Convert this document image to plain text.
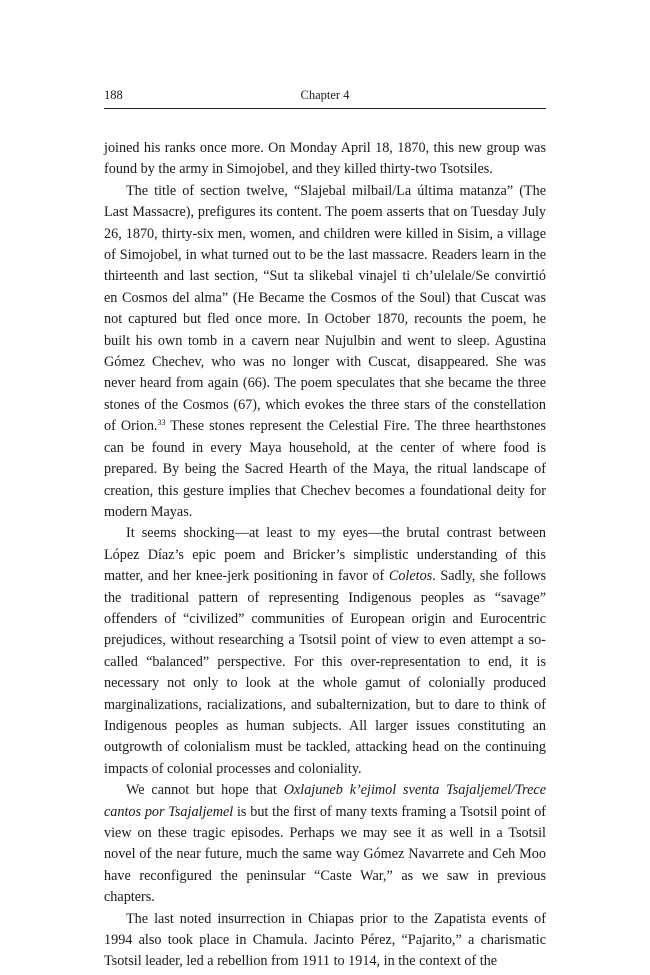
188	Chapter 4

joined his ranks once more. On Monday April 18, 1870, this new group was found by the army in Simojobel, and they killed thirty-two Tsotsiles.

The title of section twelve, “Slajebal milbail/La última matanza” (The Last Massacre), prefigures its content. The poem asserts that on Tuesday July 26, 1870, thirty-six men, women, and children were killed in Sisim, a village of Simojobel, in what turned out to be the last massacre. Readers learn in the thirteenth and last section, “Sut ta slikebal vinajel ti ch’ulelale/Se convirtió en Cosmos del alma” (He Became the Cosmos of the Soul) that Cuscat was not captured but fled once more. In October 1870, recounts the poem, he built his own tomb in a cavern near Nujulbin and went to sleep. Agustina Gómez Chechev, who was no longer with Cuscat, disappeared. She was never heard from again (66). The poem speculates that she became the three stones of the Cosmos (67), which evokes the three stars of the constellation of Orion.$^{33}$ These stones represent the Celestial Fire. The three hearthstones can be found in every Maya household, at the center of where food is prepared. By being the Sacred Hearth of the Maya, the ritual landscape of creation, this gesture implies that Chechev becomes a foundational deity for modern Mayas.

It seems shocking—at least to my eyes—the brutal contrast between López Díaz’s epic poem and Bricker’s simplistic understanding of this matter, and her knee-jerk positioning in favor of Coletos. Sadly, she follows the traditional pattern of representing Indigenous peoples as “savage” offenders of “civilized” communities of European origin and Eurocentric prejudices, without researching a Tsotsil point of view to even attempt a so-called “balanced” perspective. For this over-representation to end, it is necessary not only to look at the whole gamut of colonially produced marginalizations, racializations, and subalternization, but to dare to think of Indigenous peoples as human subjects. All larger issues constituting an outgrowth of colonialism must be tackled, attacking head on the continuing impacts of colonial processes and coloniality.

We cannot but hope that Oxlajuneb k’ejimol sventa Tsajaljemel/Trece cantos por Tsajaljemel is but the first of many texts framing a Tsotsil point of view on these tragic episodes. Perhaps we may see it as well in a Tsotsil novel of the near future, much the same way Gómez Navarrete and Ceh Moo have reconfigured the peninsular “Caste War,” as we saw in previous chapters.

The last noted insurrection in Chiapas prior to the Zapatista events of 1994 also took place in Chamula. Jacinto Pérez, “Pajarito,” a charismatic Tsotsil leader, led a rebellion from 1911 to 1914, in the context of the
